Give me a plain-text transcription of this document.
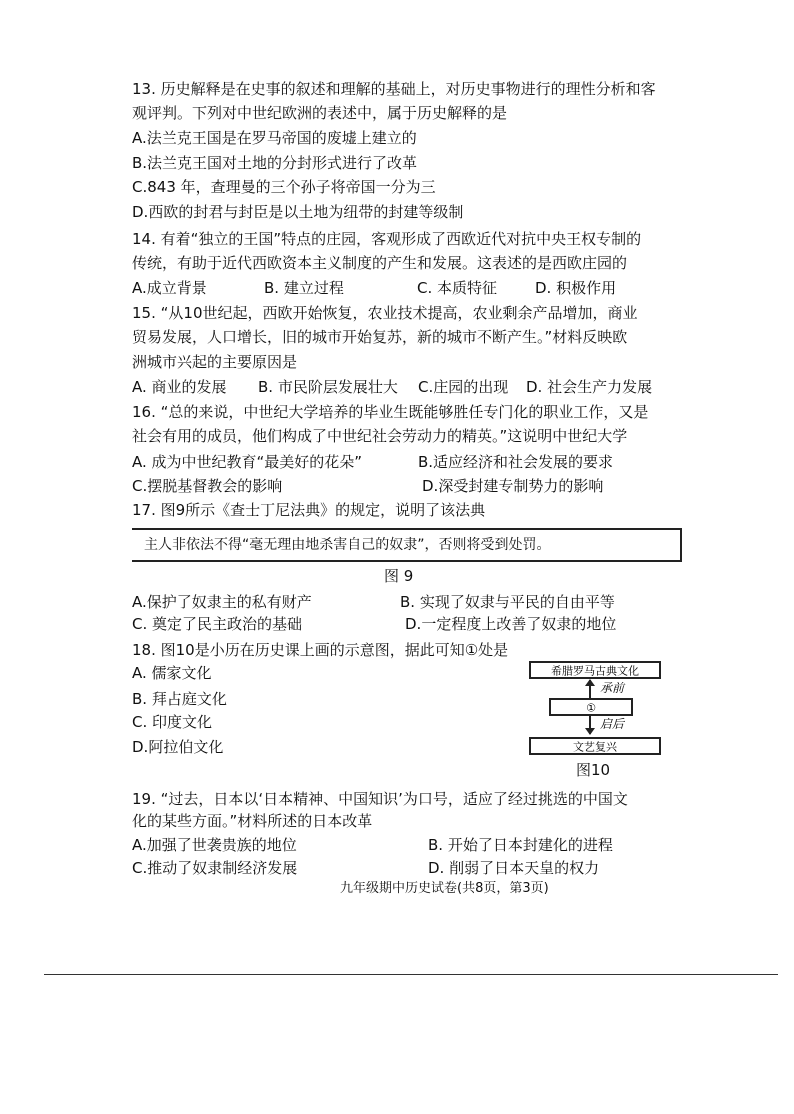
13. 历史解释是在史事的叙述和理解的基础上，对历史事物进行的理性分析和客
观评判。下列对中世纪欧洲的表述中，属于历史解释的是
A.法兰克王国是在罗马帝国的废墟上建立的
B.法兰克王国对土地的分封形式进行了改革
C.843 年，查理曼的三个孙子将帝国一分为三
D.西欧的封君与封臣是以土地为纽带的封建等级制
14. 有着“独立的王国”特点的庄园，客观形成了西欧近代对抗中央王权专制的
传统，有助于近代西欧资本主义制度的产生和发展。这表述的是西欧庄园的
A.成立背景	B. 建立过程	C. 本质特征	D. 积极作用
15. “从10世纪起，西欧开始恢复，农业技术提高，农业剩余产品增加，商业
贸易发展，人口增长，旧的城市开始复苏，新的城市不断产生。”材料反映欧
洲城市兴起的主要原因是
A. 商业的发展 B. 市民阶层发展壮大 C.庄园的出现 D. 社会生产力发展
16. “总的来说，中世纪大学培养的毕业生既能够胜任专门化的职业工作，又是
社会有用的成员，他们构成了中世纪社会劳动力的精英。”这说明中世纪大学
A. 成为中世纪教育“最美好的花朵”	B.适应经济和社会发展的要求
C.摆脱基督教会的影响	D.深受封建专制势力的影响
17. 图9所示《查士丁尼法典》的规定，说明了该法典
主人非依法不得“毫无理由地杀害自己的奴隶”，否则将受到处罚。
图 9
A.保护了奴隶主的私有财产	B. 实现了奴隶与平民的自由平等
C. 奠定了民主政治的基础	D.一定程度上改善了奴隶的地位
18. 图10是小历在历史课上画的示意图，据此可知①处是
A. 儒家文化
B. 拜占庭文化
C. 印度文化
D.阿拉伯文化
希腊罗马古典文化
承前
①
启后
文艺复兴
图10
19. “过去，日本以‘日本精神、中国知识’为口号，适应了经过挑选的中国文
化的某些方面。”材料所述的日本改革
A.加强了世袭贵族的地位	B. 开始了日本封建化的进程
C.推动了奴隶制经济发展	D. 削弱了日本天皇的权力
九年级期中历史试卷(共8页，第3页)
